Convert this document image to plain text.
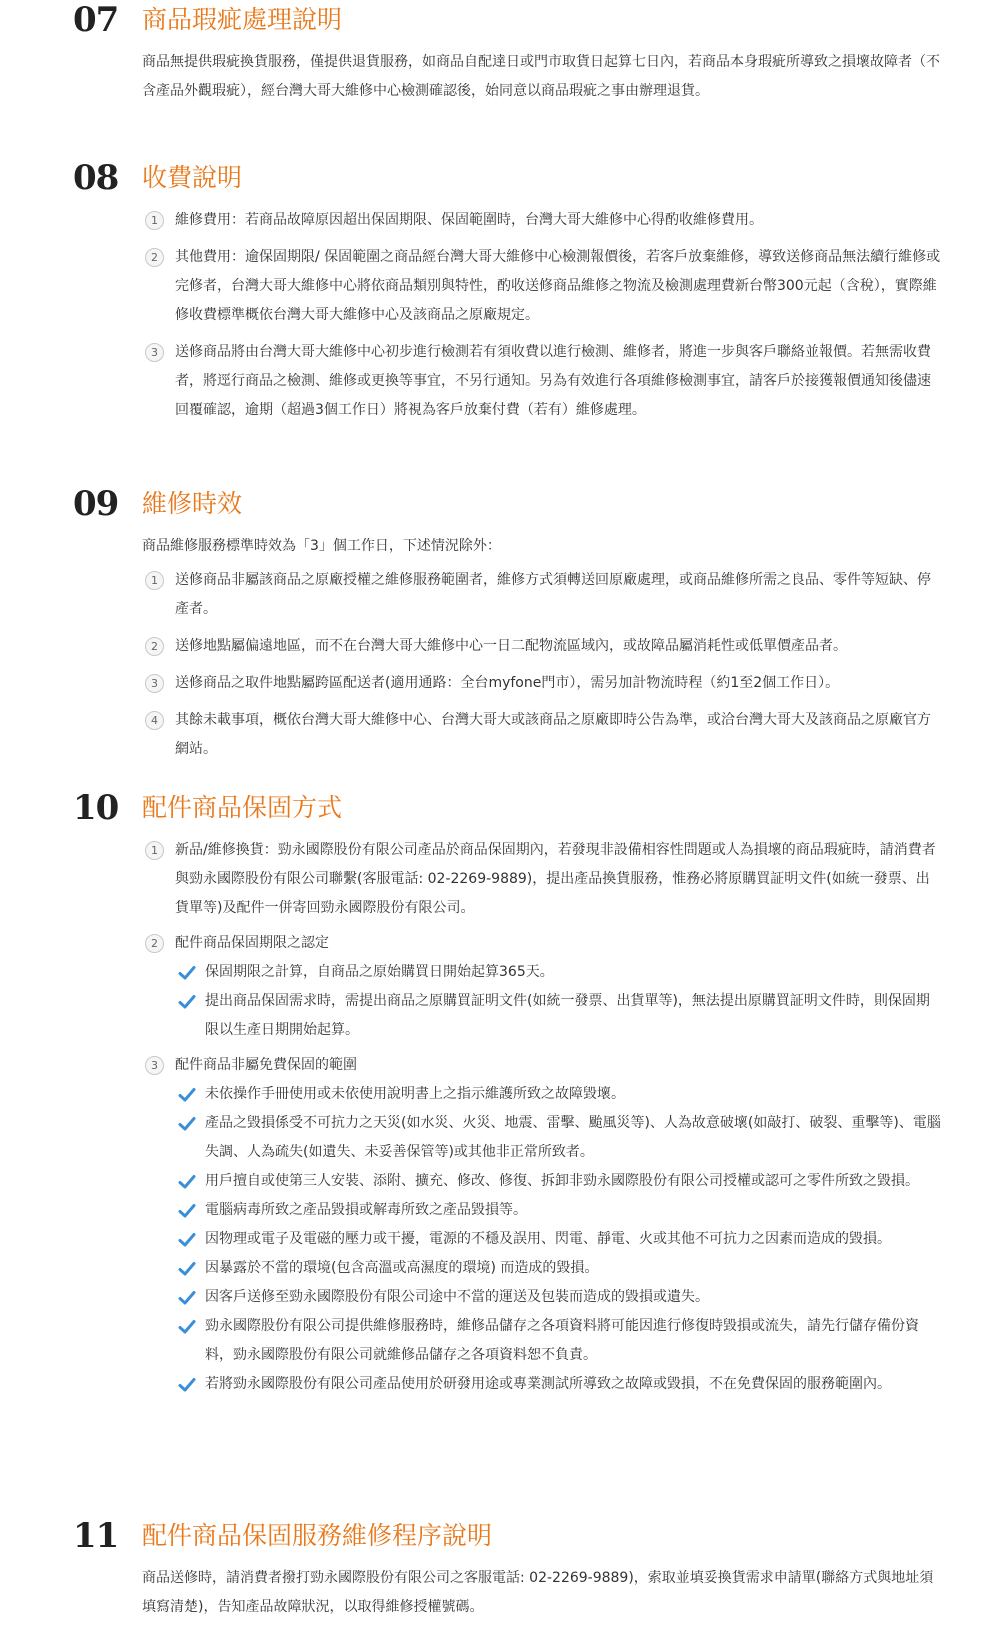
07 商品瑕疵處理說明

商品無提供瑕疵換貨服務，僅提供退貨服務，如商品自配達日或門市取貨日起算七日內，若商品本身瑕疵所導致之損壞故障者（不含產品外觀瑕疵），經台灣大哥大維修中心檢測確認後，始同意以商品瑕疵之事由辦理退貨。

08 收費說明
1	維修費用：若商品故障原因超出保固期限、保固範圍時，台灣大哥大維修中心得酌收維修費用。
2	其他費用：逾保固期限/ 保固範圍之商品經台灣大哥大維修中心檢測報價後，若客戶放棄維修，導致送修商品無法續行維修或完修者，台灣大哥大維修中心將依商品類別與特性，酌收送修商品維修之物流及檢測處理費新台幣300元起（含稅），實際維修收費標準概依台灣大哥大維修中心及該商品之原廠規定。
3	送修商品將由台灣大哥大維修中心初步進行檢測若有須收費以進行檢測、維修者，將進一步與客戶聯絡並報價。若無需收費者，將逕行商品之檢測、維修或更換等事宜，不另行通知。另為有效進行各項維修檢測事宜，請客戶於接獲報價通知後儘速回覆確認，逾期（超過3個工作日）將視為客戶放棄付費（若有）維修處理。
09 維修時效

商品維修服務標準時效為「3」個工作日，下述情況除外：

1	送修商品非屬該商品之原廠授權之維修服務範圍者，維修方式須轉送回原廠處理，或商品維修所需之良品、零件等短缺、停產者。
2	送修地點屬偏遠地區，而不在台灣大哥大維修中心一日二配物流區域內，或故障品屬消耗性或低單價產品者。
3	送修商品之取件地點屬跨區配送者(適用通路：全台myfone門市），需另加計物流時程（約1至2個工作日）。
4	其餘未載事項，概依台灣大哥大維修中心、台灣大哥大或該商品之原廠即時公告為準，或洽台灣大哥大及該商品之原廠官方網站。
10 配件商品保固方式
1	新品/維修換貨：勁永國際股份有限公司產品於商品保固期內，若發現非設備相容性問題或人為損壞的商品瑕疵時，請消費者與勁永國際股份有限公司聯繫(客服電話: 02-2269-9889)，提出產品換貨服務，惟務必將原購買証明文件(如統一發票、出貨單等)及配件一併寄回勁永國際股份有限公司。
2	配件商品保固期限之認定
保固期限之計算，自商品之原始購買日開始起算365天。
提出商品保固需求時，需提出商品之原購買証明文件(如統一發票、出貨單等)，無法提出原購買証明文件時，則保固期限以生產日期開始起算。
3	配件商品非屬免費保固的範圍
未依操作手冊使用或未依使用說明書上之指示維護所致之故障毀壞。
產品之毀損係受不可抗力之天災(如水災、火災、地震、雷擊、颱風災等)、人為故意破壞(如敲打、破裂、重擊等)、電腦失調、人為疏失(如遺失、未妥善保管等)或其他非正常所致者。
用戶擅自或使第三人安裝、添附、擴充、修改、修復、拆卸非勁永國際股份有限公司授權或認可之零件所致之毀損。
電腦病毒所致之產品毀損或解毒所致之產品毀損等。
因物理或電子及電磁的壓力或干擾，電源的不穩及誤用、閃電、靜電、火或其他不可抗力之因素而造成的毀損。
因暴露於不當的環境(包含高溫或高濕度的環境) 而造成的毀損。
因客戶送修至勁永國際股份有限公司途中不當的運送及包裝而造成的毀損或遺失。
勁永國際股份有限公司提供維修服務時，維修品儲存之各項資料將可能因進行修復時毀損或流失，請先行儲存備份資料，勁永國際股份有限公司就維修品儲存之各項資料恕不負責。
若將勁永國際股份有限公司產品使用於研發用途或專業測試所導致之故障或毀損，不在免費保固的服務範圍內。
11 配件商品保固服務維修程序說明

商品送修時，請消費者撥打勁永國際股份有限公司之客服電話: 02-2269-9889)，索取並填妥換貨需求申請單(聯絡方式與地址須填寫清楚)，告知產品故障狀況，以取得維修授權號碼。
